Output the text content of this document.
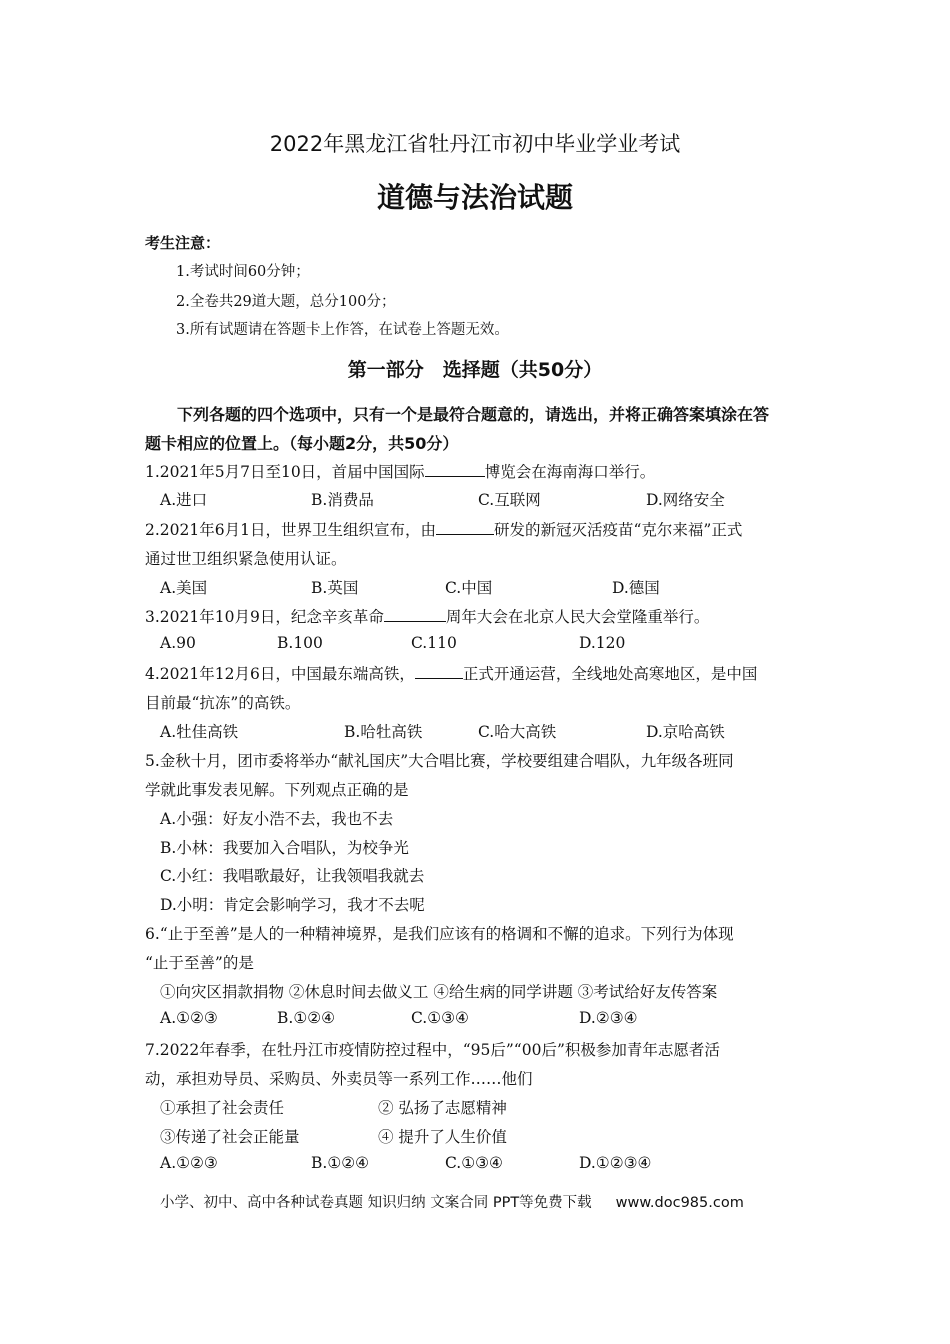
2022年黑龙江省牡丹江市初中毕业学业考试
道德与法治试题
考生注意：
1.考试时间60分钟；
2.全卷共29道大题，总分100分；
3.所有试题请在答题卡上作答，在试卷上答题无效。
第一部分　选择题（共50分）
下列各题的四个选项中，只有一个是最符合题意的，请选出，并将正确答案填涂在答
题卡相应的位置上。（每小题2分，共50分）
1.2021年5月7日至10日，首届中国国际	博览会在海南海口举行。
A.进口	B.消费品	C.互联网	D.网络安全
2.2021年6月1日，世界卫生组织宣布，由	研发的新冠灭活疫苗“克尔来福”正式
通过世卫组织紧急使用认证。
A.美国	B.英国	C.中国	D.德国
3.2021年10月9日，纪念辛亥革命	周年大会在北京人民大会堂隆重举行。
A.90	B.100	C.110	D.120
4.2021年12月6日，中国最东端高铁，	正式开通运营，全线地处高寒地区，是中国
目前最“抗冻”的高铁。
A.牡佳高铁	B.哈牡高铁	C.哈大高铁	D.京哈高铁
5.金秋十月，团市委将举办“献礼国庆”大合唱比赛，学校要组建合唱队，九年级各班同
学就此事发表见解。下列观点正确的是
A.小强：好友小浩不去，我也不去
B.小林：我要加入合唱队，为校争光
C.小红：我唱歌最好，让我领唱我就去
D.小明：肯定会影响学习，我才不去呢
6.“止于至善”是人的一种精神境界，是我们应该有的格调和不懈的追求。下列行为体现
“止于至善”的是
①向灾区捐款捐物 ②休息时间去做义工 ④给生病的同学讲题 ③考试给好友传答案
A.①②③	B.①②④	C.①③④	D.②③④
7.2022年春季，在牡丹江市疫情防控过程中，“95后”“00后”积极参加青年志愿者活
动，承担劝导员、采购员、外卖员等一系列工作……他们
①承担了社会责任	② 弘扬了志愿精神
③传递了社会正能量	④ 提升了人生价值
A.①②③	B.①②④	C.①③④	D.①②③④
小学、初中、高中各种试卷真题 知识归纳 文案合同 PPT等免费下载 www.doc985.com
